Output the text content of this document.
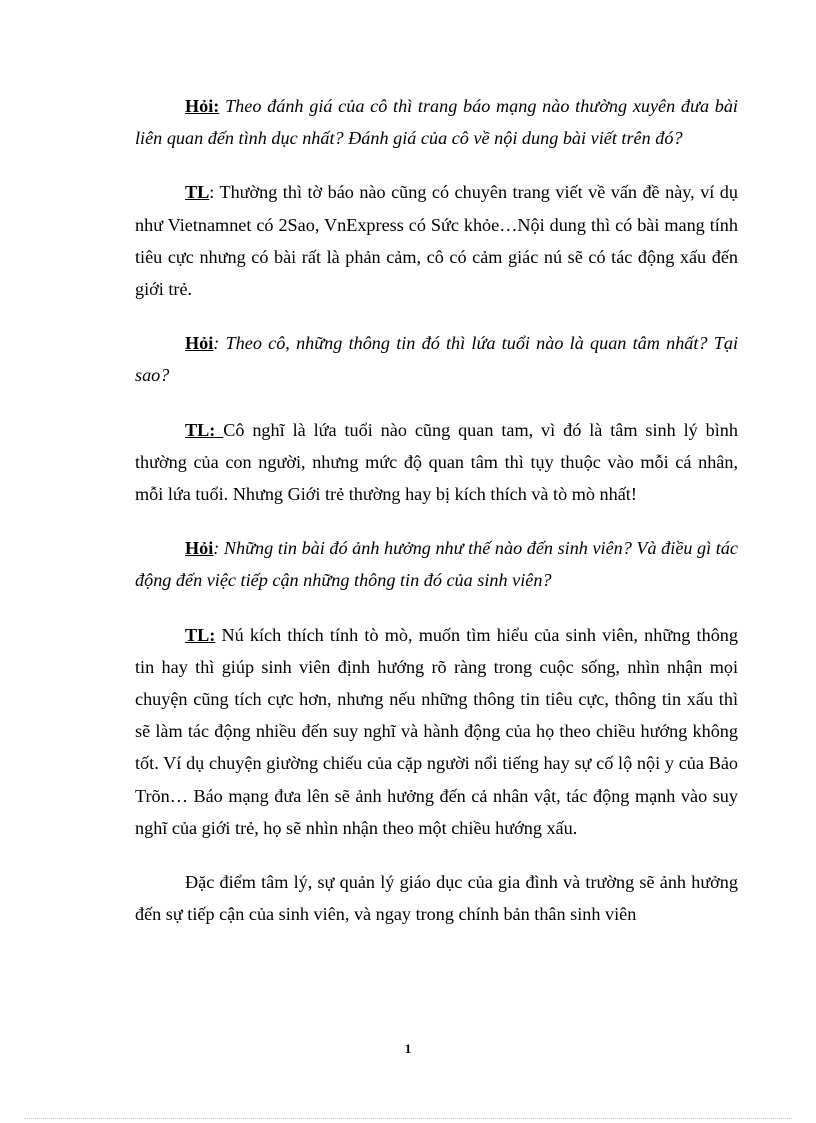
Hỏi: Theo đánh giá của cô thì trang báo mạng nào thường xuyên đưa bài liên quan đến tình dục nhất? Đánh giá của cô về nội dung bài viết trên đó?

TL: Thường thì tờ báo nào cũng có chuyên trang viết về vấn đề này, ví dụ như Vietnamnet có 2Sao, VnExpress có Sức khỏe…Nội dung thì có bài mang tính tiêu cực nhưng có bài rất là phản cảm, cô có cảm giác nú sẽ có tác động xấu đến giới trẻ.

Hỏi: Theo cô, những thông tin đó thì lứa tuổi nào là quan tâm nhất? Tại sao?

TL: Cô nghĩ là lứa tuổi nào cũng quan tam, vì đó là tâm sinh lý bình thường của con người, nhưng mức độ quan tâm thì tụy thuộc vào mỗi cá nhân, mỗi lứa tuổi. Nhưng Giới trẻ thường hay bị kích thích và tò mò nhất!

Hỏi: Những tin bài đó ảnh hưởng như thế nào đến sinh viên? Và điều gì tác động đến việc tiếp cận những thông tin đó của sinh viên?

TL: Nú kích thích tính tò mò, muốn tìm hiểu của sinh viên, những thông tin hay thì giúp sinh viên định hướng rõ ràng trong cuộc sống, nhìn nhận mọi chuyện cũng tích cực hơn, nhưng nếu những thông tin tiêu cực, thông tin xấu thì sẽ làm tác động nhiều đến suy nghĩ và hành động của họ theo chiều hướng không tốt. Ví dụ chuyện giường chiếu của cặp người nổi tiếng hay sự cố lộ nội y của Bảo Trõn… Báo mạng đưa lên sẽ ảnh hưởng đến cả nhân vật, tác động mạnh vào suy nghĩ của giới trẻ, họ sẽ nhìn nhận theo một chiều hướng xấu.

Đặc điểm tâm lý, sự quản lý giáo dục của gia đình và trường sẽ ảnh hưởng đến sự tiếp cận của sinh viên, và ngay trong chính bản thân sinh viên

1
